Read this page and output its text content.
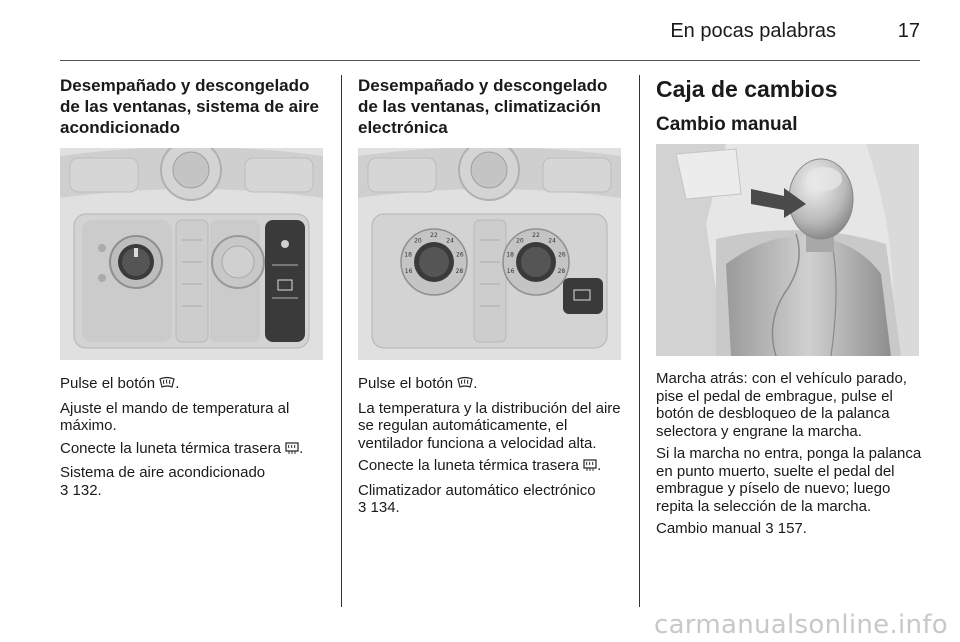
En pocas palabras	17
Desempañado y descongelado de las ventanas, sistema de aire acondicionado

Pulse el botón .

Ajuste el mando de temperatura al máximo.

Conecte la luneta térmica trasera .

Sistema de aire acondicionado
3 132.

Desempañado y descongelado de las ventanas, climatización electrónica
16
18
20
22
24
26
28	16
18
20
22
24
26
28

Pulse el botón .

La temperatura y la distribución del aire se regulan automáticamente, el ventilador funciona a velocidad alta.

Conecte la luneta térmica trasera .

Climatizador automático electrónico
3 134.

Caja de cambios
Cambio manual

Marcha atrás: con el vehículo parado, pise el pedal de embrague, pulse el botón de desbloqueo de la palanca selectora y engrane la marcha.

Si la marcha no entra, ponga la palanca en punto muerto, suelte el pedal del embrague y píselo de nuevo; luego repita la selección de la marcha.

Cambio manual 3 157.

carmanualsonline.info
